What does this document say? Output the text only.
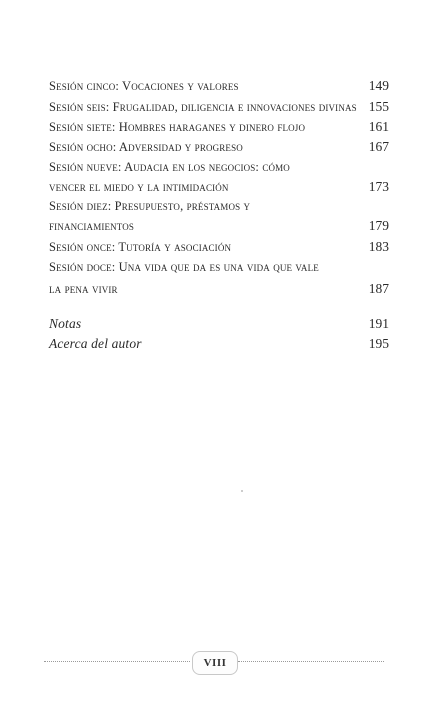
Sesión cinco: Vocaciones y valores	149
Sesión seis: Frugalidad, diligencia e innovaciones divinas 155
Sesión siete: Hombres haraganes y dinero flojo	161
Sesión ocho: Adversidad y progreso	167
Sesión nueve: Audacia en los negocios: cómo
vencer el miedo y la intimidación	173
Sesión diez: Presupuesto, préstamos y
financiamientos	179
Sesión once: Tutoría y asociación	183
Sesión doce: Una vida que da es una vida que vale
la pena vivir	187
Notas	191
Acerca del autor	195
VIII
